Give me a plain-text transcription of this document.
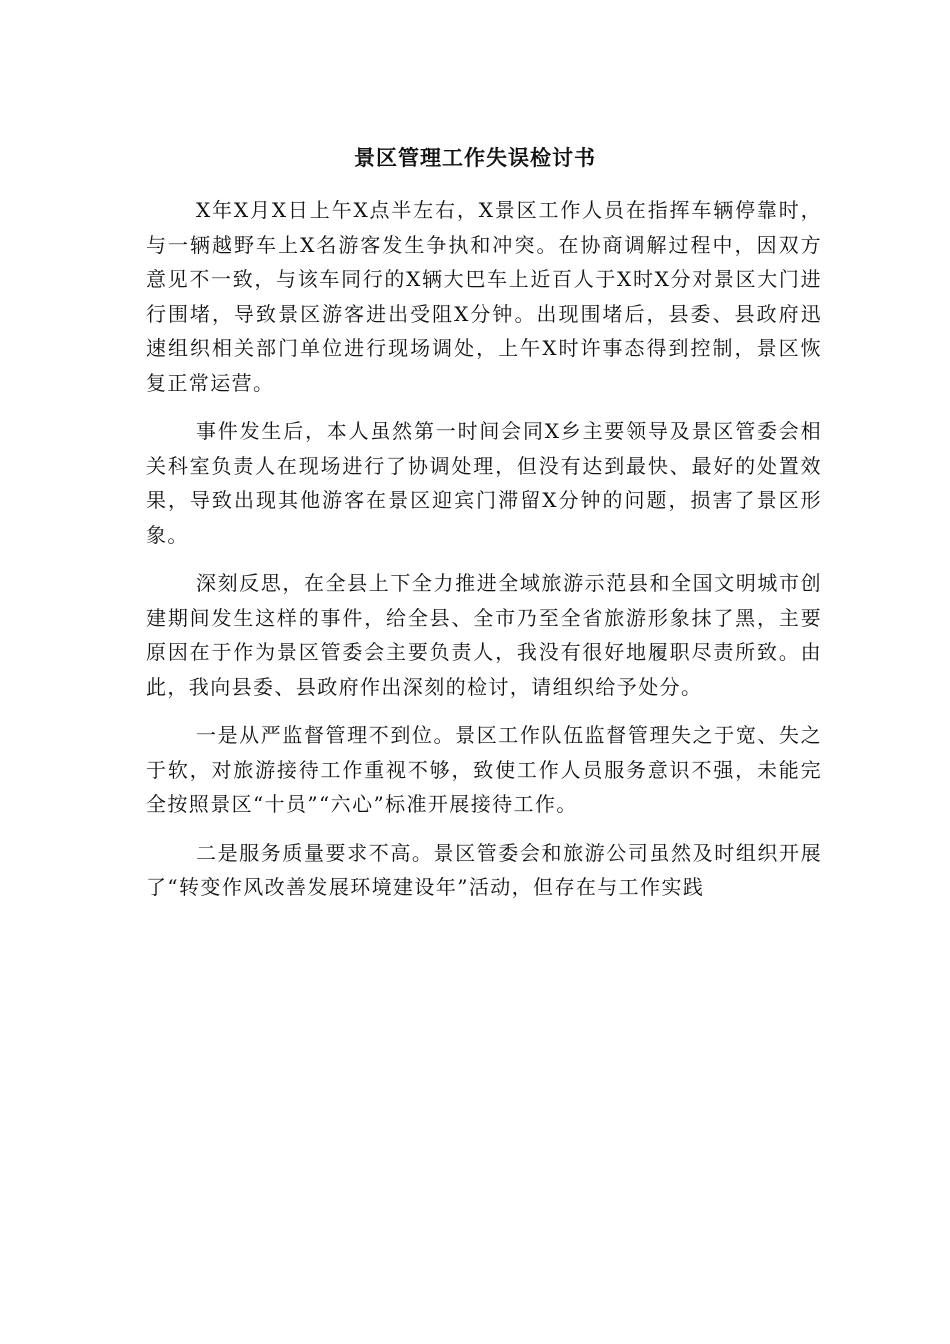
景区管理工作失误检讨书

X年X月X日上午X点半左右，X景区工作人员在指挥车辆停靠时，与一辆越野车上X名游客发生争执和冲突。在协商调解过程中，因双方意见不一致，与该车同行的X辆大巴车上近百人于X时X分对景区大门进行围堵，导致景区游客进出受阻X分钟。出现围堵后，县委、县政府迅速组织相关部门单位进行现场调处，上午X时许事态得到控制，景区恢复正常运营。

事件发生后，本人虽然第一时间会同X乡主要领导及景区管委会相关科室负责人在现场进行了协调处理，但没有达到最快、最好的处置效果，导致出现其他游客在景区迎宾门滞留X分钟的问题，损害了景区形象。

深刻反思，在全县上下全力推进全域旅游示范县和全国文明城市创建期间发生这样的事件，给全县、全市乃至全省旅游形象抹了黑，主要原因在于作为景区管委会主要负责人，我没有很好地履职尽责所致。由此，我向县委、县政府作出深刻的检讨，请组织给予处分。

一是从严监督管理不到位。景区工作队伍监督管理失之于宽、失之于软，对旅游接待工作重视不够，致使工作人员服务意识不强，未能完全按照景区“十员”“六心”标准开展接待工作。

二是服务质量要求不高。景区管委会和旅游公司虽然及时组织开展了“转变作风改善发展环境建设年”活动，但存在与工作实践
